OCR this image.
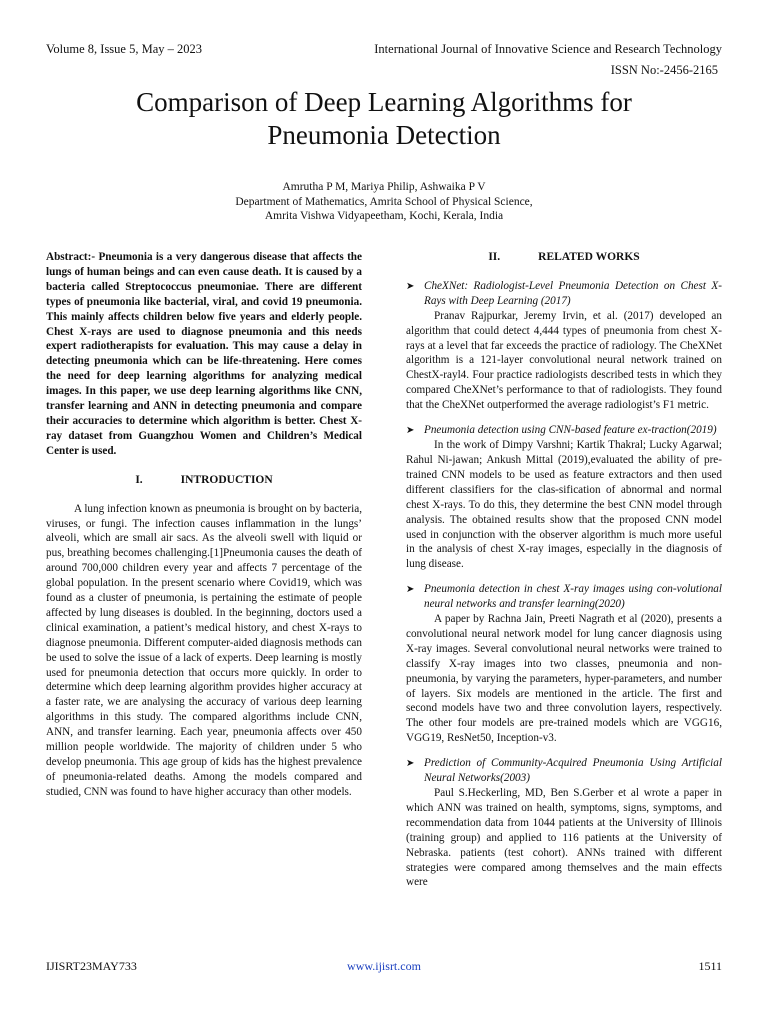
Volume 8, Issue 5, May – 2023	International Journal of Innovative Science and Research Technology
ISSN No:-2456-2165
Comparison of Deep Learning Algorithms for
Pneumonia Detection
Amrutha P M, Mariya Philip, Ashwaika P V
Department of Mathematics, Amrita School of Physical Science,
Amrita Vishwa Vidyapeetham, Kochi, Kerala, India

Abstract:- Pneumonia is a very dangerous disease that affects the lungs of human beings and can even cause death. It is caused by a bacteria called Streptococcus pneumoniae. There are different types of pneumonia like bacterial, viral, and covid 19 pneumonia. This mainly affects children below five years and elderly people. Chest X-rays are used to diagnose pneumonia and this needs expert radiotherapists for evaluation. This may cause a delay in detecting pneumonia which can be life-threatening. Here comes the need for deep learning algorithms for analyzing medical images. In this paper, we use deep learning algorithms like CNN, transfer learning and ANN in detecting pneumonia and compare their accuracies to determine which algorithm is better. Chest X-ray dataset from Guangzhou Women and Children’s Medical Center is used.

I.	INTRODUCTION

A lung infection known as pneumonia is brought on by bacteria, viruses, or fungi. The infection causes inflammation in the lungs’ alveoli, which are small air sacs. As the alveoli swell with liquid or pus, breathing becomes challenging.[1]Pneumonia causes the death of around 700,000 children every year and affects 7 percentage of the global population. In the present scenario where Covid19, which was found as a cluster of pneumonia, is pertaining the estimate of people affected by lung diseases is doubled. In the beginning, doctors used a clinical examination, a patient’s medical history, and chest X-rays to diagnose pneumonia. Different computer-aided diagnosis methods can be used to solve the issue of a lack of experts. Deep learning is mostly used for pneumonia detection that occurs more quickly. In order to determine which deep learning algorithm provides higher accuracy at a faster rate, we are analysing the accuracy of various deep learning algorithms in this study. The compared algorithms include CNN, ANN, and transfer learning. Each year, pneumonia affects over 450 million people worldwide. The majority of children under 5 who develop pneumonia. This age group of kids has the highest prevalence of pneumonia-related deaths. Among the models compared and studied, CNN was found to have higher accuracy than other models.

II.	RELATED WORKS
➤ CheXNet: Radiologist-Level Pneumonia Detection on Chest X-Rays with Deep Learning (2017)

Pranav Rajpurkar, Jeremy Irvin, et al. (2017) developed an algorithm that could detect 4,444 types of pneumonia from chest X-rays at a level that far exceeds the practice of radiology. The CheXNet algorithm is a 121-layer convolutional neural network trained on ChestX-rayl4. Four practice radiologists described tests in which they compared CheXNet’s performance to that of radiologists. They found that the CheXNet outperformed the average radiologist’s F1 metric.

➤ Pneumonia detection using CNN-based feature ex-traction(2019)

In the work of Dimpy Varshni; Kartik Thakral; Lucky Agarwal; Rahul Ni-jawan; Ankush Mittal (2019),evaluated the ability of pre-trained CNN models to be used as feature extractors and then used different classifiers for the clas-sification of abnormal and normal chest X-rays. To do this, they determine the best CNN model through analysis. The obtained results show that the proposed CNN model used in conjunction with the observer algorithm is much more useful in the analysis of chest X-ray images, especially in the diagnosis of lung disease.

➤ Pneumonia detection in chest X-ray images using con-volutional neural networks and transfer learning(2020)

A paper by Rachna Jain, Preeti Nagrath et al (2020), presents a convolutional neural network model for lung cancer diagnosis using X-ray images. Several convolutional neural networks were trained to classify X-ray images into two classes, pneumonia and non-pneumonia, by varying the parameters, hyper-parameters, and number of layers. Six models are mentioned in the article. The first and second models have two and three convolution layers, respectively. The other four models are pre-trained models which are VGG16, VGG19, ResNet50, Inception-v3.

➤ Prediction of Community-Acquired Pneumonia Using Artificial Neural Networks(2003)

Paul S.Heckerling, MD, Ben S.Gerber et al wrote a paper in which ANN was trained on health, symptoms, signs, symptoms, and recommendation data from 1044 patients at the University of Illinois (training group) and applied to 116 patients at the University of Nebraska. patients (test cohort). ANNs trained with different strategies were compared among themselves and the main effects were

IJISRT23MAY733	www.ijisrt.com	1511
